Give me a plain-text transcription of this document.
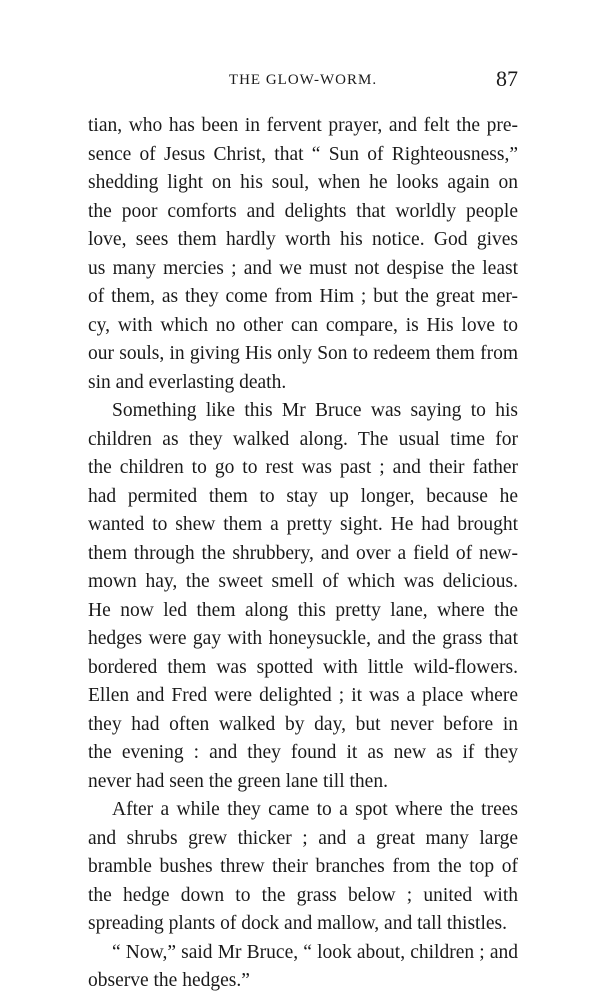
THE GLOW-WORM.	87
tian, who has been in fervent prayer, and felt the pre-
sence of Jesus Christ, that “ Sun of Righteousness,”
shedding light on his soul, when he looks again on
the poor comforts and delights that worldly people
love, sees them hardly worth his notice. God gives
us many mercies ; and we must not despise the least
of them, as they come from Him ; but the great mer-
cy, with which no other can compare, is His love to
our souls, in giving His only Son to redeem them from
sin and everlasting death.
Something like this Mr Bruce was saying to his
children as they walked along. The usual time for
the children to go to rest was past ; and their father
had permited them to stay up longer, because he
wanted to shew them a pretty sight. He had brought
them through the shrubbery, and over a field of new-
mown hay, the sweet smell of which was delicious.
He now led them along this pretty lane, where the
hedges were gay with honeysuckle, and the grass that
bordered them was spotted with little wild-flowers.
Ellen and Fred were delighted ; it was a place where
they had often walked by day, but never before in
the evening : and they found it as new as if they
never had seen the green lane till then.
After a while they came to a spot where the trees
and shrubs grew thicker ; and a great many large
bramble bushes threw their branches from the top of
the hedge down to the grass below ; united with
spreading plants of dock and mallow, and tall thistles.
“ Now,” said Mr Bruce, “ look about, children ; and
observe the hedges.”
